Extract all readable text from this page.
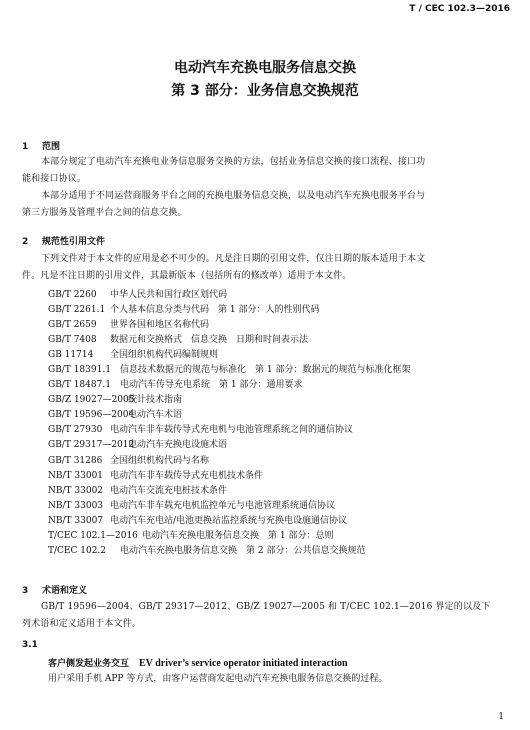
T / CEC 102.3—2016
电动汽车充换电服务信息交换
第 3 部分：业务信息交换规范
1 范围
本部分规定了电动汽车充换电业务信息服务交换的方法，包括业务信息交换的接口流程、接口功
能和接口协议。
本部分适用于不同运营商服务平台之间的充换电服务信息交换，以及电动汽车充换电服务平台与
第三方服务及管理平台之间的信息交换。
2 规范性引用文件
下列文件对于本文件的应用是必不可少的。凡是注日期的引用文件，仅注日期的版本适用于本文
件。凡是不注日期的引用文件，其最新版本（包括所有的修改单）适用于本文件。
GB/T 2260 中华人民共和国行政区划代码
GB/T 2261.1 个人基本信息分类与代码　第 1 部分：人的性别代码
GB/T 2659 世界各国和地区名称代码
GB/T 7408 数据元和交换格式　信息交换　日期和时间表示法
GB 11714 全国组织机构代码编制规则
GB/T 18391.1 信息技术数据元的规范与标准化　第 1 部分：数据元的规范与标准化框架
GB/T 18487.1 电动汽车传导充电系统　第 1 部分：通用要求
GB/Z 19027—2005统计技术指南
GB/T 19596—2004电动汽车术语
GB/T 27930 电动汽车非车载传导式充电机与电池管理系统之间的通信协议
GB/T 29317—2012电动汽车充换电设施术语
GB/T 31286 全国组织机构代码与名称
NB/T 33001 电动汽车非车载传导式充电机技术条件
NB/T 33002 电动汽车交流充电桩技术条件
NB/T 33003 电动汽车非车载充电机监控单元与电池管理系统通信协议
NB/T 33007 电动汽车充电站/电池更换站监控系统与充换电设施通信协议
T/CEC 102.1—2016 电动汽车充换电服务信息交换　第 1 部分：总则
T/CEC 102.2 电动汽车充换电服务信息交换　第 2 部分：公共信息交换规范
3 术语和定义
GB/T 19596—2004、GB/T 29317—2012、GB/Z 19027—2005 和 T/CEC 102.1—2016 界定的以及下
列术语和定义适用于本文件。
3.1
客户侧发起业务交互 EV driver’s service operator initiated interaction
用户采用手机 APP 等方式，由客户运营商发起电动汽车充换电服务信息交换的过程。
1
